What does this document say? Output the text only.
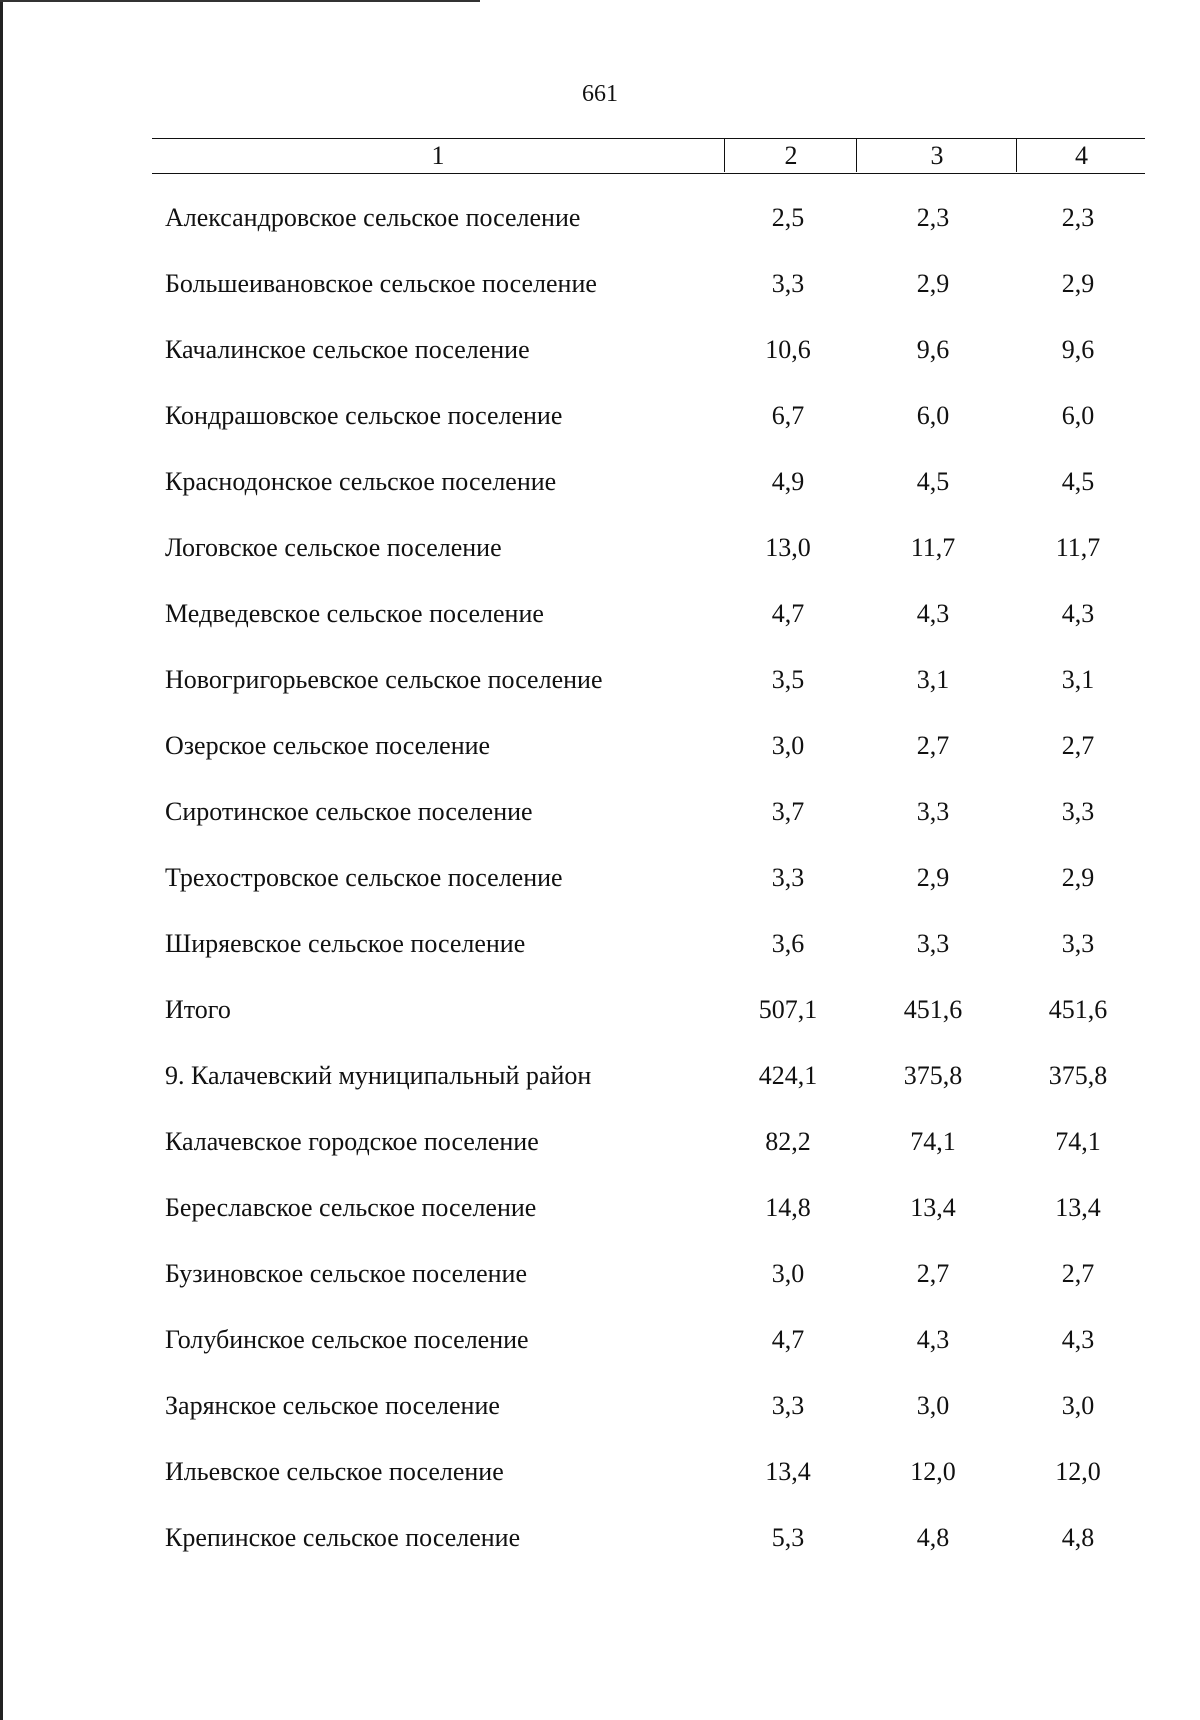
661
1	2	3	4
Александровское сельское поселение	2,5	2,3	2,3
Большеивановское сельское поселение	3,3	2,9	2,9
Качалинское сельское поселение	10,6	9,6	9,6
Кондрашовское сельское поселение	6,7	6,0	6,0
Краснодонское сельское поселение	4,9	4,5	4,5
Логовское сельское поселение	13,0	11,7	11,7
Медведевское сельское поселение	4,7	4,3	4,3
Новогригорьевское сельское поселение	3,5	3,1	3,1
Озерское сельское поселение	3,0	2,7	2,7
Сиротинское сельское поселение	3,7	3,3	3,3
Трехостровское сельское поселение	3,3	2,9	2,9
Ширяевское сельское поселение	3,6	3,3	3,3
Итого	507,1	451,6	451,6
9. Калачевский муниципальный район	424,1	375,8	375,8
Калачевское городское поселение	82,2	74,1	74,1
Береславское сельское поселение	14,8	13,4	13,4
Бузиновское сельское поселение	3,0	2,7	2,7
Голубинское сельское поселение	4,7	4,3	4,3
Зарянское сельское поселение	3,3	3,0	3,0
Ильевское сельское поселение	13,4	12,0	12,0
Крепинское сельское поселение	5,3	4,8	4,8
